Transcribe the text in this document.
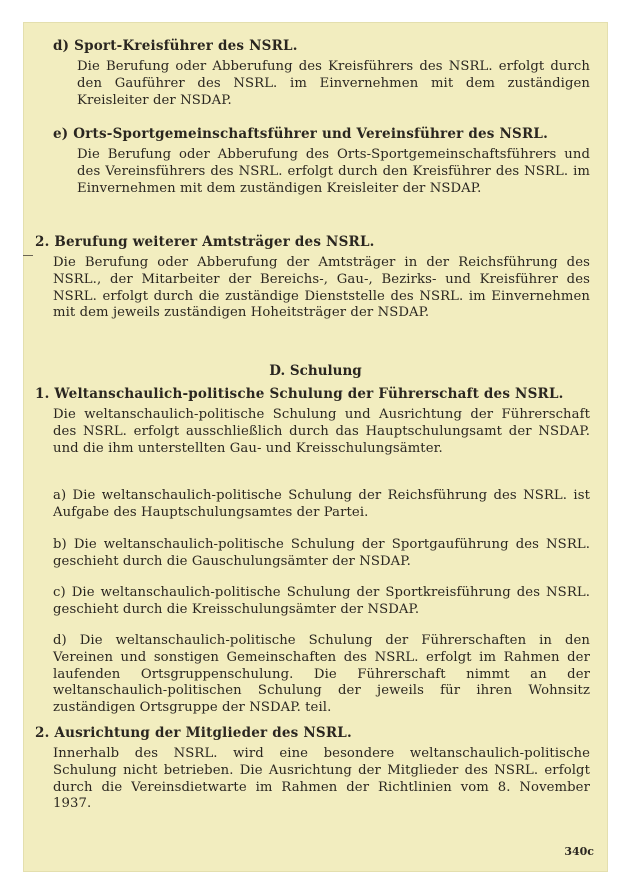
d) Sport-Kreisführer des NSRL.
Die Berufung oder Abberufung des Kreisführers des NSRL. erfolgt durch den Gauführer des NSRL. im Einvernehmen mit dem zuständigen Kreisleiter der NSDAP.
e) Orts-Sportgemeinschaftsführer und Vereinsführer des NSRL.
Die Berufung oder Abberufung des Orts-Sportgemeinschaftsführers und des Vereinsführers des NSRL. erfolgt durch den Kreisführer des NSRL. im Einvernehmen mit dem zuständigen Kreisleiter der NSDAP.
2. Berufung weiterer Amtsträger des NSRL.
Die Berufung oder Abberufung der Amtsträger in der Reichsführung des NSRL., der Mitarbeiter der Bereichs-, Gau-, Bezirks- und Kreisführer des NSRL. erfolgt durch die zuständige Dienststelle des NSRL. im Einvernehmen mit dem jeweils zuständigen Hoheitsträger der NSDAP.
D. Schulung
1. Weltanschaulich-politische Schulung der Führerschaft des NSRL.
Die weltanschaulich-politische Schulung und Ausrichtung der Führerschaft des NSRL. erfolgt ausschließlich durch das Hauptschulungsamt der NSDAP. und die ihm unterstellten Gau- und Kreisschulungsämter.
a) Die weltanschaulich-politische Schulung der Reichsführung des NSRL. ist Aufgabe des Hauptschulungsamtes der Partei.
b) Die weltanschaulich-politische Schulung der Sportgauführung des NSRL. geschieht durch die Gauschulungsämter der NSDAP.
c) Die weltanschaulich-politische Schulung der Sportkreisführung des NSRL. geschieht durch die Kreisschulungsämter der NSDAP.
d) Die weltanschaulich-politische Schulung der Führerschaften in den Vereinen und sonstigen Gemeinschaften des NSRL. erfolgt im Rahmen der laufenden Ortsgruppenschulung. Die Führerschaft nimmt an der weltanschaulich-politischen Schulung der jeweils für ihren Wohnsitz zuständigen Ortsgruppe der NSDAP. teil.
2. Ausrichtung der Mitglieder des NSRL.
Innerhalb des NSRL. wird eine besondere weltanschaulich-politische Schulung nicht betrieben. Die Ausrichtung der Mitglieder des NSRL. erfolgt durch die Vereinsdietwarte im Rahmen der Richtlinien vom 8. November 1937.
340c
